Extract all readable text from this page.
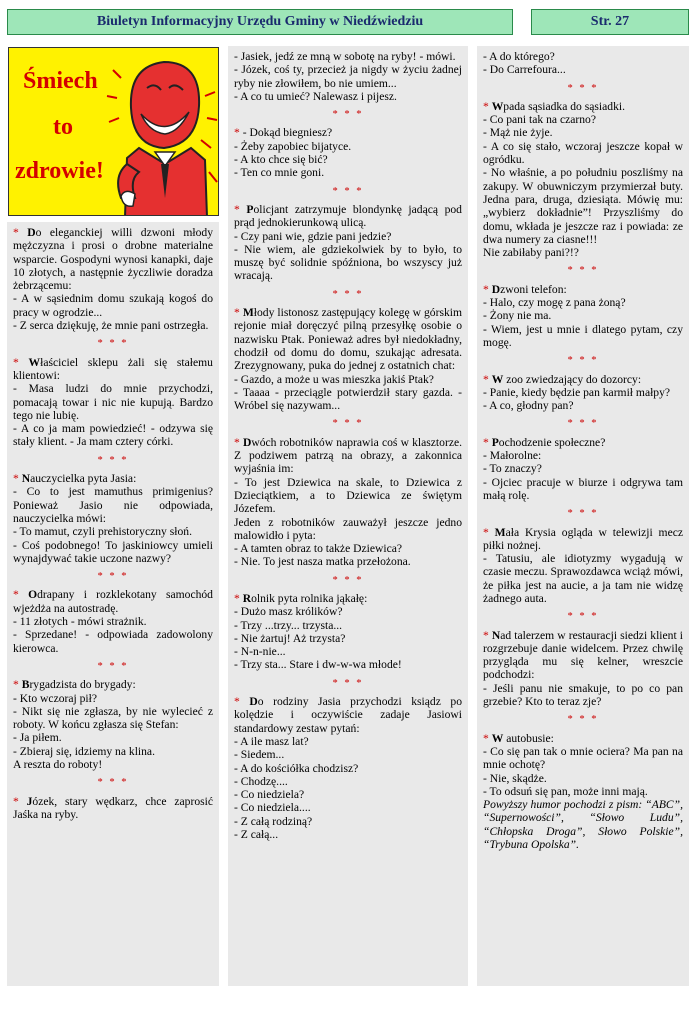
Biuletyn Informacyjny Urzędu Gminy w Niedźwiedziu	Str. 27
Śmiech
to
zdrowie!

* Do eleganckiej willi dzwoni młody mężczyzna i prosi o drobne materialne wsparcie. Gospodyni wynosi kanapki, daje 10 złotych, a następnie życzliwie doradza żebrzącemu:

- A w sąsiednim domu szukają kogoś do pracy w ogrodzie...

- Z serca dziękuję, że mnie pani ostrzegła.

* * *

* Właściciel sklepu żali się stałemu klientowi:

- Masa ludzi do mnie przychodzi, pomacają towar i nic nie kupują. Bardzo tego nie lubię.

- A co ja mam powiedzieć! - odzywa się stały klient. - Ja mam cztery córki.

* * *

* Nauczycielka pyta Jasia:

- Co to jest mamuthus primigenius? Ponieważ Jasio nie odpowiada, nauczycielka mówi:

- To mamut, czyli prehistoryczny słoń.

- Coś podobnego! To jaskiniowcy umieli wynajdywać takie uczone nazwy?

* * *

* Odrapany i rozklekotany samochód wjeżdża na autostradę.

- 11 złotych - mówi strażnik.

- Sprzedane! - odpowiada zadowolony kierowca.

* * *

* Brygadzista do brygady:

- Kto wczoraj pił?

- Nikt się nie zgłasza, by nie wylecieć z roboty. W końcu zgłasza się Stefan:

- Ja piłem.

- Zbieraj się, idziemy na klina.

A reszta do roboty!

* * *

* Józek, stary wędkarz, chce zaprosić Jaśka na ryby.

- Jasiek, jedź ze mną w sobotę na ryby! - mówi.

- Józek, coś ty, przecież ja nigdy w życiu żadnej ryby nie złowiłem, bo nie umiem...

- A co tu umieć? Nalewasz i pijesz.

* * *

* - Dokąd biegniesz?

- Żeby zapobiec bijatyce.

- A kto chce się bić?

- Ten co mnie goni.

* * *

* Policjant zatrzymuje blondynkę jadącą pod prąd jednokierunkową ulicą.

- Czy pani wie, gdzie pani jedzie?

- Nie wiem, ale gdziekolwiek by to było, to muszę być solidnie spóźniona, bo wszyscy już wracają.

* * *

* Młody listonosz zastępujący kolegę w górskim rejonie miał doręczyć pilną przesyłkę osobie o nazwisku Ptak. Ponieważ adres był niedokładny, chodził od domu do domu, szukając adresata. Zrezygnowany, puka do jednej z ostatnich chat:

- Gazdo, a może u was mieszka jakiś Ptak?

- Taaaa - przeciągle potwierdził stary gazda. - Wróbel się nazywam...

* * *

* Dwóch robotników naprawia coś w klasztorze. Z podziwem patrzą na obrazy, a zakonnica wyjaśnia im:

- To jest Dziewica na skale, to Dziewica z Dzieciątkiem, a to Dziewica ze świętym Józefem.

Jeden z robotników zauważył jeszcze jedno malowidło i pyta:

- A tamten obraz to także Dziewica?

- Nie. To jest nasza matka przełożona.

* * *

* Rolnik pyta rolnika jąkałę:

- Dużo masz królików?

- Trzy ...trzy... trzysta...

- Nie żartuj! Aż trzysta?

- N-n-nie...

- Trzy sta... Stare i dw-w-wa młode!

* * *

* Do rodziny Jasia przychodzi ksiądz po kolędzie i oczywiście zadaje Jasiowi standardowy zestaw pytań:

- A ile masz lat?

- Siedem...

- A do kościółka chodzisz?

- Chodzę....

- Co niedziela?

- Co niedziela....

- Z całą rodziną?

- Z całą...

- A do którego?

- Do Carrefoura...

* * *

* Wpada sąsiadka do sąsiadki.

- Co pani tak na czarno?

- Mąż nie żyje.

- A co się stało, wczoraj jeszcze kopał w ogródku.

- No właśnie, a po południu poszliśmy na zakupy. W obuwniczym przymierzał buty. Jedna para, druga, dziesiąta. Mówię mu: „wybierz dokładnie”! Przyszliśmy do domu, wkłada je jeszcze raz i powiada: ze dwa numery za ciasne!!!

Nie zabiłaby pani?!?

* * *

* Dzwoni telefon:

- Halo, czy mogę z pana żoną?

- Żony nie ma.

- Wiem, jest u mnie i dlatego pytam, czy mogę.

* * *

* W zoo zwiedzający do dozorcy:

- Panie, kiedy będzie pan karmił małpy?

- A co, głodny pan?

* * *

* Pochodzenie społeczne?

- Małorolne:

- To znaczy?

- Ojciec pracuje w biurze i odgrywa tam małą rolę.

* * *

* Mała Krysia ogląda w telewizji mecz piłki nożnej.

- Tatusiu, ale idiotyzmy wygadują w czasie meczu. Sprawozdawca wciąż mówi, że piłka jest na aucie, a ja tam nie widzę żadnego auta.

* * *

* Nad talerzem w restauracji siedzi klient i rozgrzebuje danie widelcem. Przez chwilę przygląda mu się kelner, wreszcie podchodzi:

- Jeśli panu nie smakuje, to po co pan grzebie? Kto to teraz zje?

* * *

* W autobusie:

- Co się pan tak o mnie ociera? Ma pan na mnie ochotę?

- Nie, skądże.

- To odsuń się pan, może inni mają.

Powyższy humor pochodzi z pism: “ABC”, “Supernowości”, “Słowo Ludu”, “Chłopska Droga”, Słowo Polskie”, “Trybuna Opolska”.
